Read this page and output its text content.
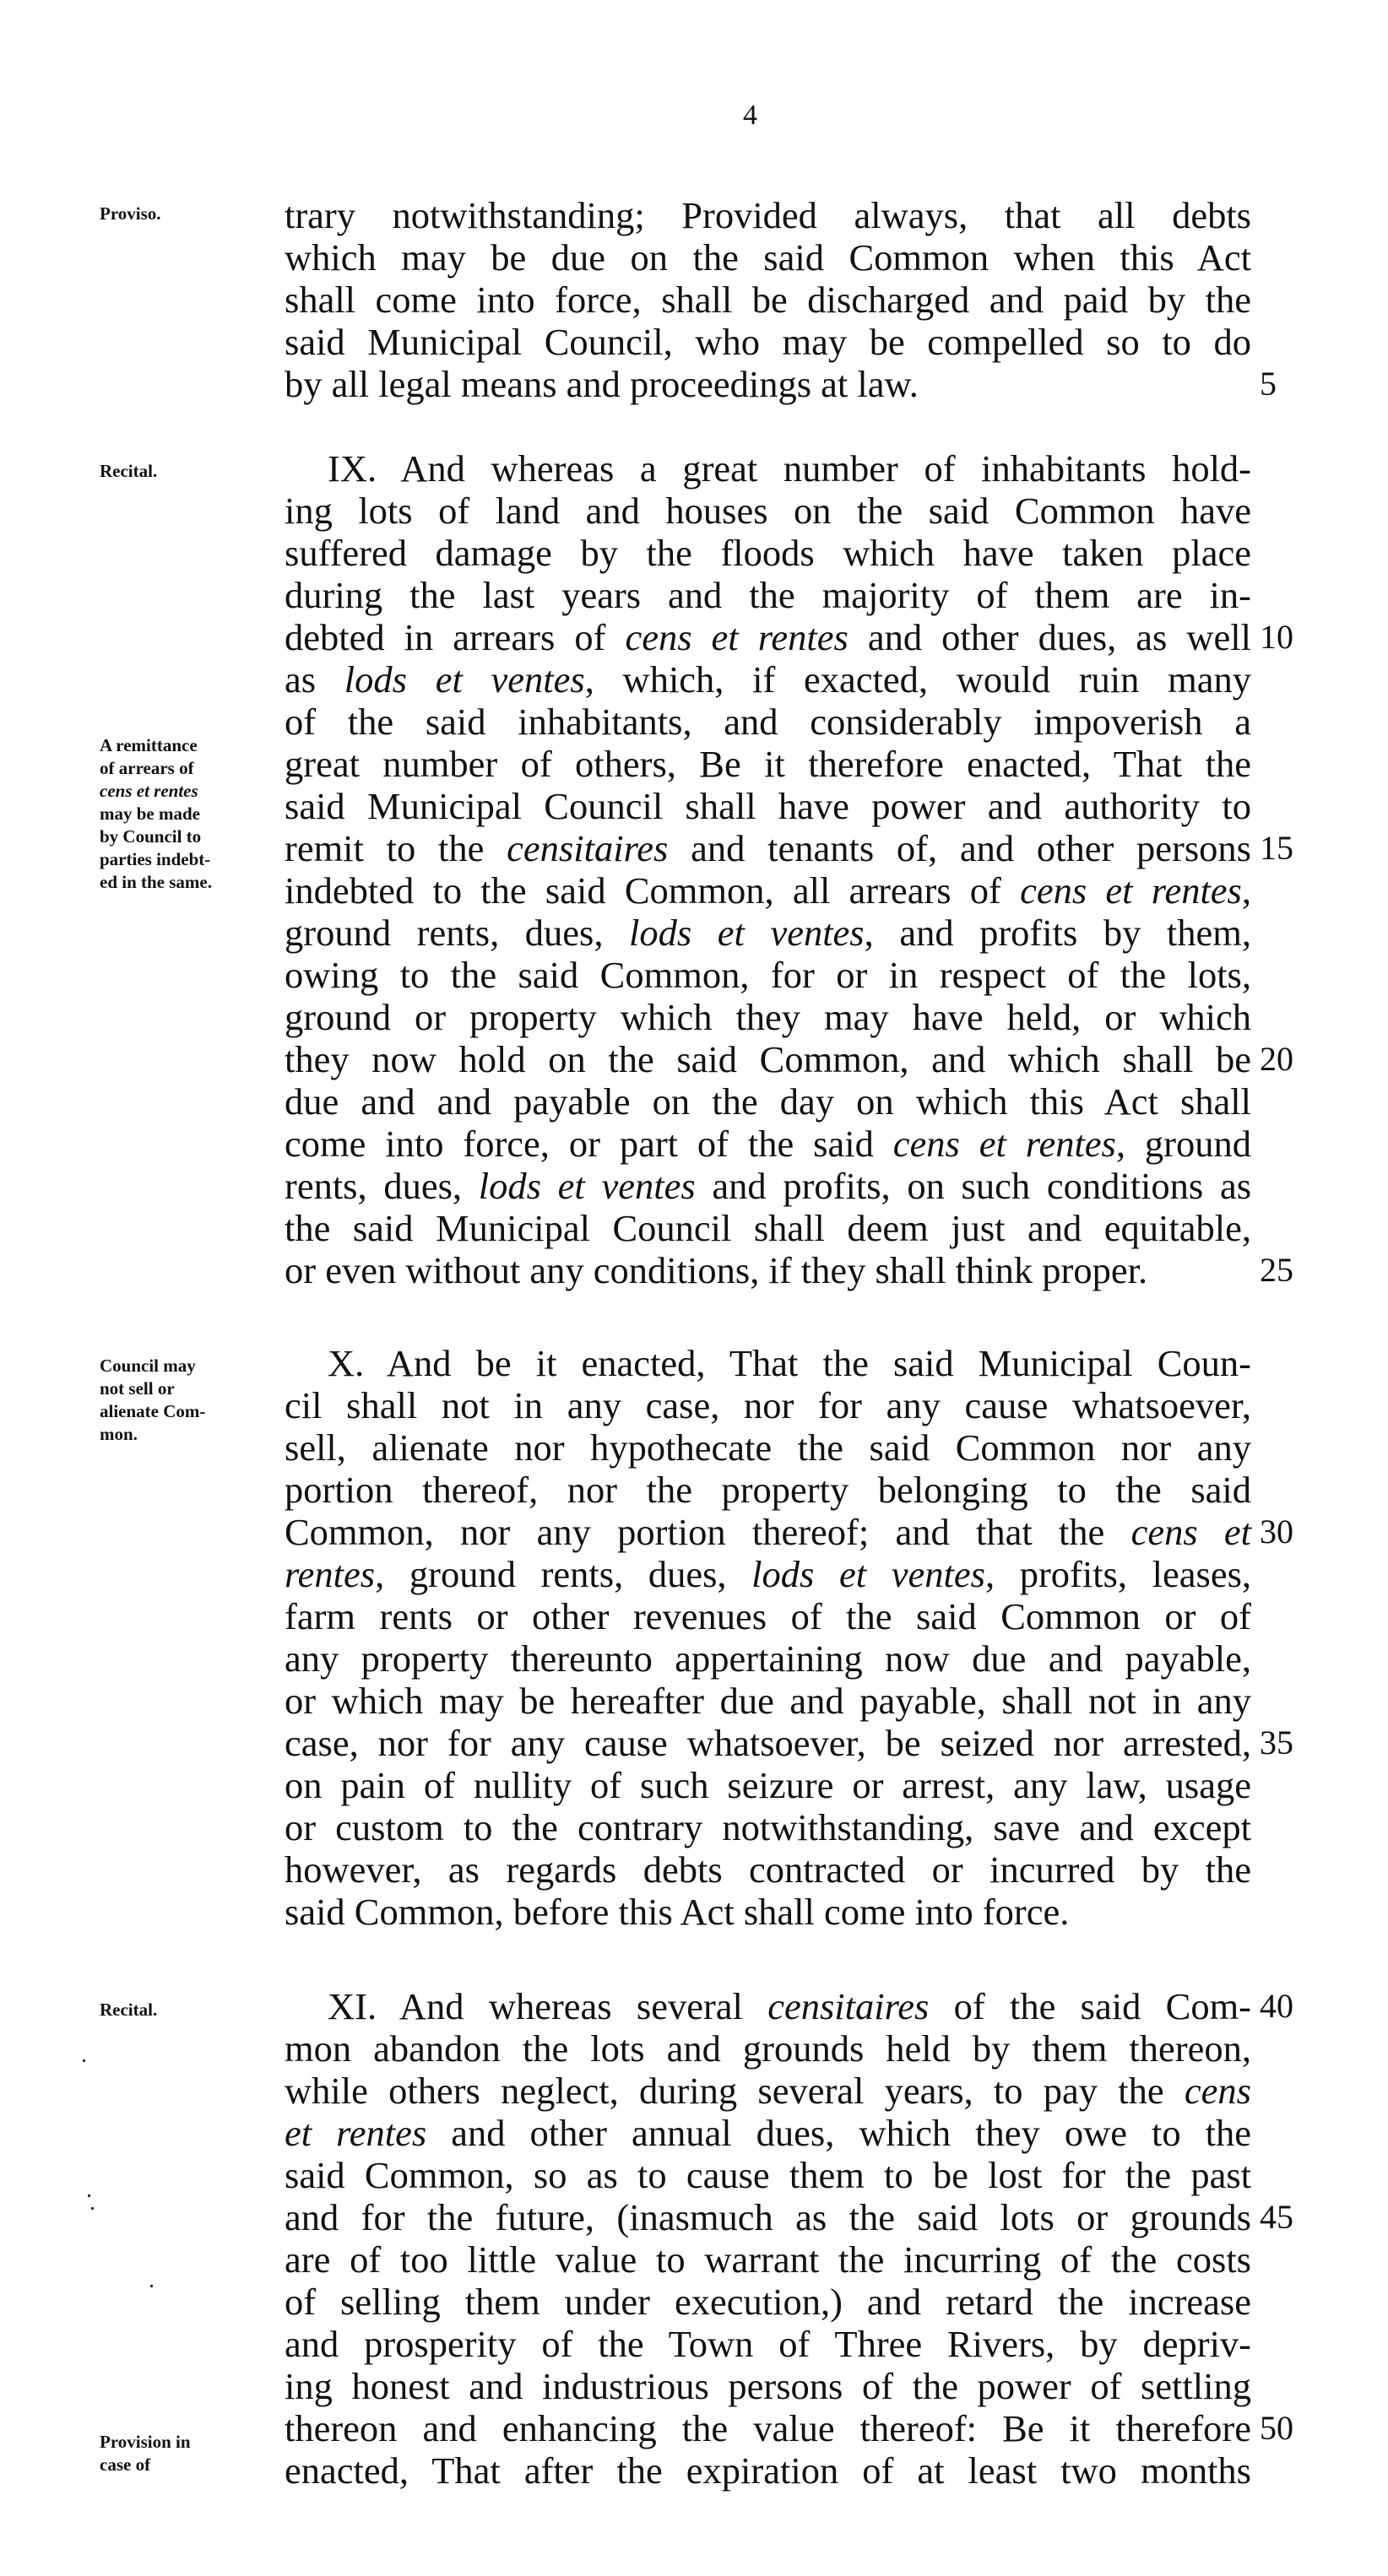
4
Proviso.	trary notwithstanding; Provided always, that all debts
which may be due on the said Common when this Act
shall come into force, shall be discharged and paid by the
said Municipal Council, who may be compelled so to do
by all legal means and proceedings at law.	5
Recital.
A remittance
of arrears of
cens et rentes
may be made
by Council to
parties indebt-
ed in the same.
IX. And whereas a great number of inhabitants hold-
ing lots of land and houses on the said Common have
suffered damage by the floods which have taken place
during the last years and the majority of them are in-
debted in arrears of cens et rentes and other dues, as well
as lods et ventes, which, if exacted, would ruin many
of the said inhabitants, and considerably impoverish a
great number of others, Be it therefore enacted, That the
said Municipal Council shall have power and authority to
remit to the censitaires and tenants of, and other persons
indebted to the said Common, all arrears of cens et rentes,
ground rents, dues, lods et ventes, and profits by them,
owing to the said Common, for or in respect of the lots,
ground or property which they may have held, or which
they now hold on the said Common, and which shall be
due and and payable on the day on which this Act shall
come into force, or part of the said cens et rentes, ground
rents, dues, lods et ventes and profits, on such conditions as
the said Municipal Council shall deem just and equitable,
or even without any conditions, if they shall think proper.
10
15
20
25
Council may
not sell or
alienate Com-
mon.
X. And be it enacted, That the said Municipal Coun-
cil shall not in any case, nor for any cause whatsoever,
sell, alienate nor hypothecate the said Common nor any
portion thereof, nor the property belonging to the said
Common, nor any portion thereof; and that the cens et
rentes, ground rents, dues, lods et ventes, profits, leases,
farm rents or other revenues of the said Common or of
any property thereunto appertaining now due and payable,
or which may be hereafter due and payable, shall not in any
case, nor for any cause whatsoever, be seized nor arrested,
on pain of nullity of such seizure or arrest, any law, usage
or custom to the contrary notwithstanding, save and except
however, as regards debts contracted or incurred by the
said Common, before this Act shall come into force.
30
35
Recital.
Provision in
case of
XI. And whereas several censitaires of the said Com-
mon abandon the lots and grounds held by them thereon,
while others neglect, during several years, to pay the cens
et rentes and other annual dues, which they owe to the
said Common, so as to cause them to be lost for the past
and for the future, (inasmuch as the said lots or grounds
are of too little value to warrant the incurring of the costs
of selling them under execution,) and retard the increase
and prosperity of the Town of Three Rivers, by depriv-
ing honest and industrious persons of the power of settling
thereon and enhancing the value thereof: Be it therefore
enacted, That after the expiration of at least two months
40
45
50
